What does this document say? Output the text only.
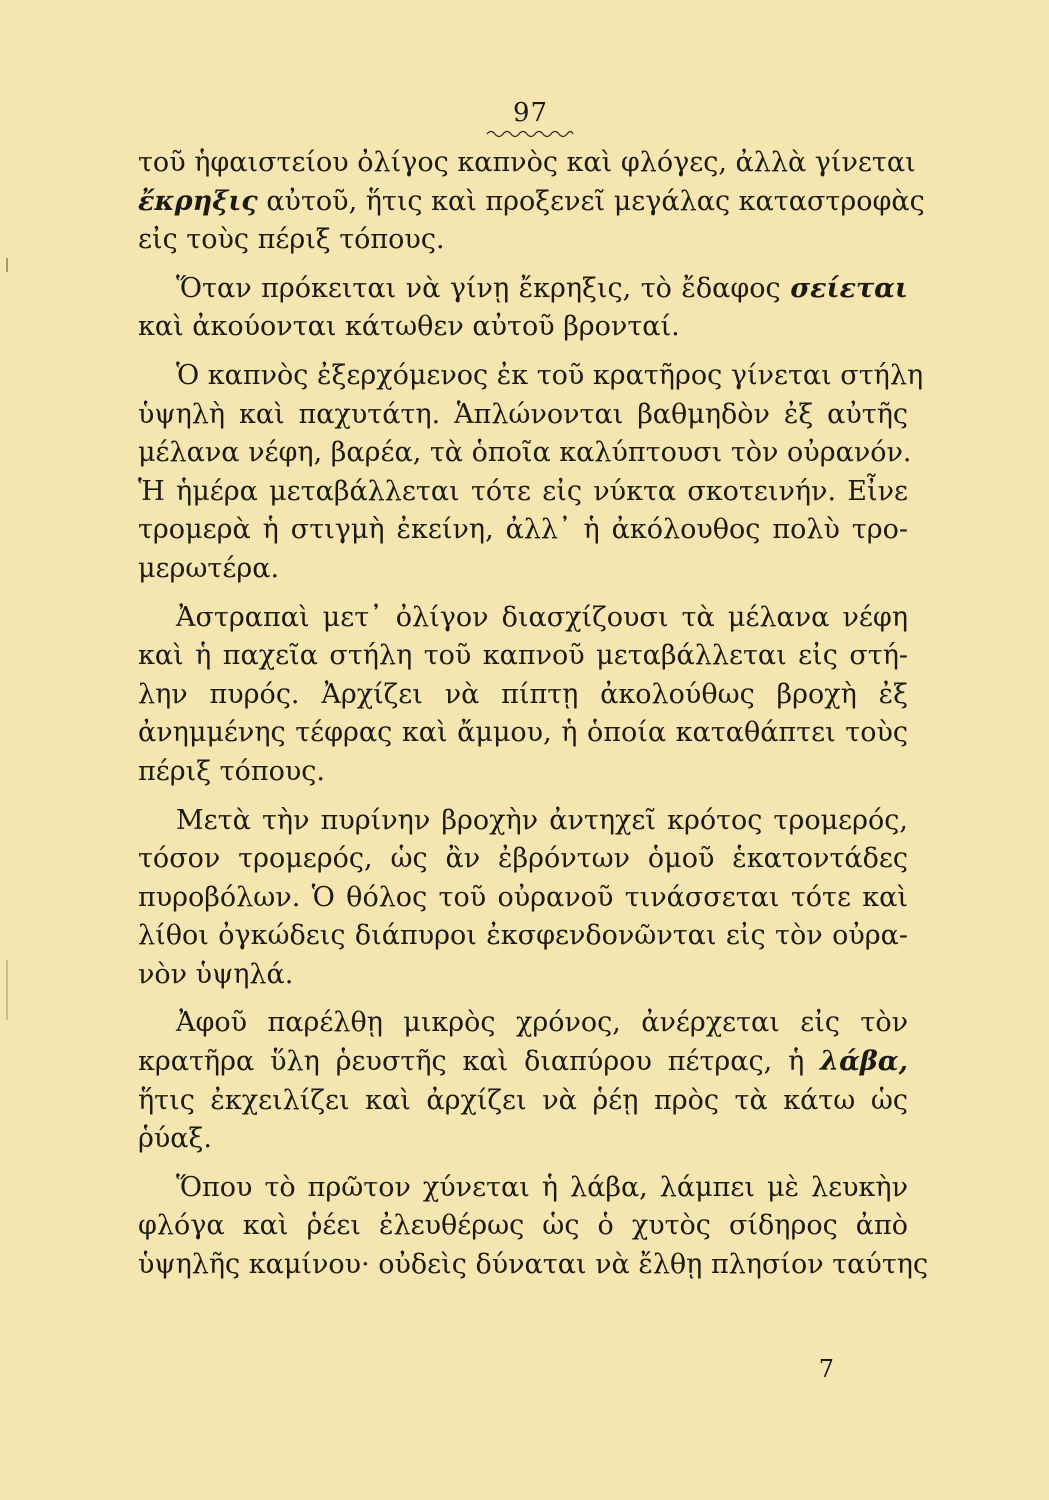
97
τοῦ ἡφαιστείου ὀλίγος καπνὸς καὶ φλόγες, ἀλλὰ γίνεται
ἔκρηξις αὐτοῦ, ἥτις καὶ προξενεῖ μεγάλας καταστροφὰς
εἰς τοὺς πέριξ τόπους.
Ὅταν πρόκειται νὰ γίνῃ ἔκρηξις, τὸ ἔδαφος σείεται
καὶ ἀκούονται κάτωθεν αὐτοῦ βρονταί.
Ὁ καπνὸς ἐξερχόμενος ἐκ τοῦ κρατῆρος γίνεται στήλη
ὑψηλὴ καὶ παχυτάτη. Ἁπλώνονται βαθμηδὸν ἐξ αὐτῆς
μέλανα νέφη, βαρέα, τὰ ὁποῖα καλύπτουσι τὸν οὐρανόν.
Ἡ ἡμέρα μεταβάλλεται τότε εἰς νύκτα σκοτεινήν. Εἶνε
τρομερὰ ἡ στιγμὴ ἐκείνη, ἀλλ᾿ ἡ ἀκόλουθος πολὺ τρο-
μερωτέρα.
Ἀστραπαὶ μετ᾿ ὀλίγον διασχίζουσι τὰ μέλανα νέφη
καὶ ἡ παχεῖα στήλη τοῦ καπνοῦ μεταβάλλεται εἰς στή-
λην πυρός. Ἀρχίζει νὰ πίπτῃ ἀκολούθως βροχὴ ἐξ
ἀνημμένης τέφρας καὶ ἄμμου, ἡ ὁποία καταθάπτει τοὺς
πέριξ τόπους.
Μετὰ τὴν πυρίνην βροχὴν ἀντηχεῖ κρότος τρομερός,
τόσον τρομερός, ὡς ἂν ἐβρόντων ὁμοῦ ἑκατοντάδες
πυροβόλων. Ὁ θόλος τοῦ οὐρανοῦ τινάσσεται τότε καὶ
λίθοι ὀγκώδεις διάπυροι ἐκσφενδονῶνται εἰς τὸν οὐρα-
νὸν ὑψηλά.
Ἀφοῦ παρέλθῃ μικρὸς χρόνος, ἀνέρχεται εἰς τὸν
κρατῆρα ὕλη ῥευστῆς καὶ διαπύρου πέτρας, ἡ λάβα,
ἥτις ἐκχειλίζει καὶ ἀρχίζει νὰ ῥέῃ πρὸς τὰ κάτω ὡς
ῥύαξ.
Ὅπου τὸ πρῶτον χύνεται ἡ λάβα, λάμπει μὲ λευκὴν
φλόγα καὶ ῥέει ἐλευθέρως ὡς ὁ χυτὸς σίδηρος ἀπὸ
ὑψηλῆς καμίνου· οὐδεὶς δύναται νὰ ἔλθῃ πλησίον ταύτης
7
